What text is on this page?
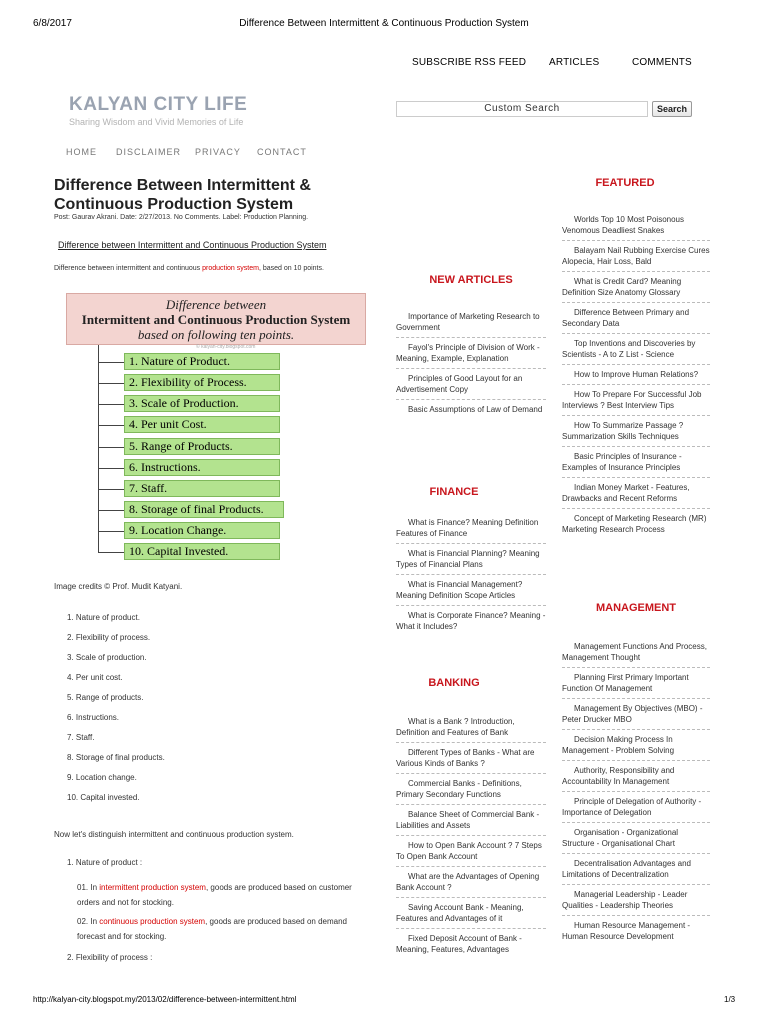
6/8/2017	Difference Between Intermittent & Continuous Production System
SUBSCRIBE RSS FEED ARTICLES	COMMENTS
KALYAN CITY LIFE
Sharing Wisdom and Vivid Memories of Life
Custom Search	Search
HOME DISCLAIMER PRIVACY CONTACT
Difference Between Intermittent & Continuous Production System
Post: Gaurav Akrani. Date: 2/27/2013. No Comments. Label: Production Planning.
Difference between Intermittent and Continuous Production System
Difference between intermittent and continuous production system, based on 10 points.
Difference between
Intermittent and Continuous Production System
based on following ten points.
© kalyan-city.blogspot.com
1. Nature of Product.
2. Flexibility of Process.
3. Scale of Production.
4. Per unit Cost.
5. Range of Products.
6. Instructions.
7. Staff.
8. Storage of final Products.
9. Location Change.
10. Capital Invested.
Image credits © Prof. Mudit Katyani.
1. Nature of product.
2. Flexibility of process.
3. Scale of production.
4. Per unit cost.
5. Range of products.
6. Instructions.
7. Staff.
8. Storage of final products.
9. Location change.
10. Capital invested.
Now let's distinguish intermittent and continuous production system.
1. Nature of product :
01. In intermittent production system, goods are produced based on customer orders and not for stocking.
02. In continuous production system, goods are produced based on demand forecast and for stocking.
2. Flexibility of process :
NEW ARTICLES
Importance of Marketing Research to Government
Fayol's Principle of Division of Work - Meaning, Example, Explanation
Principles of Good Layout for an Advertisement Copy
Basic Assumptions of Law of Demand
FINANCE
What is Finance? Meaning Definition Features of Finance
What is Financial Planning? Meaning Types of Financial Plans
What is Financial Management? Meaning Definition Scope Articles
What is Corporate Finance? Meaning - What it Includes?
BANKING
What is a Bank ? Introduction, Definition and Features of Bank
Different Types of Banks - What are Various Kinds of Banks ?
Commercial Banks - Definitions, Primary Secondary Functions
Balance Sheet of Commercial Bank - Liabilities and Assets
How to Open Bank Account ? 7 Steps To Open Bank Account
What are the Advantages of Opening Bank Account ?
Saving Account Bank - Meaning, Features and Advantages of it
Fixed Deposit Account of Bank - Meaning, Features, Advantages
FEATURED
Worlds Top 10 Most Poisonous Venomous Deadliest Snakes
Balayam Nail Rubbing Exercise Cures Alopecia, Hair Loss, Bald
What is Credit Card? Meaning Definition Size Anatomy Glossary
Difference Between Primary and Secondary Data
Top Inventions and Discoveries by Scientists - A to Z List - Science
How to Improve Human Relations?
How To Prepare For Successful Job Interviews ? Best Interview Tips
How To Summarize Passage ? Summarization Skills Techniques
Basic Principles of Insurance - Examples of Insurance Principles
Indian Money Market - Features, Drawbacks and Recent Reforms
Concept of Marketing Research (MR) Marketing Research Process
MANAGEMENT
Management Functions And Process, Management Thought
Planning First Primary Important Function Of Management
Management By Objectives (MBO) - Peter Drucker MBO
Decision Making Process In Management - Problem Solving
Authority, Responsibility and Accountability In Management
Principle of Delegation of Authority - Importance of Delegation
Organisation - Organizational Structure - Organisational Chart
Decentralisation Advantages and Limitations of Decentralization
Managerial Leadership - Leader Qualities - Leadership Theories
Human Resource Management - Human Resource Development
http://kalyan-city.blogspot.my/2013/02/difference-between-intermittent.html	1/3
